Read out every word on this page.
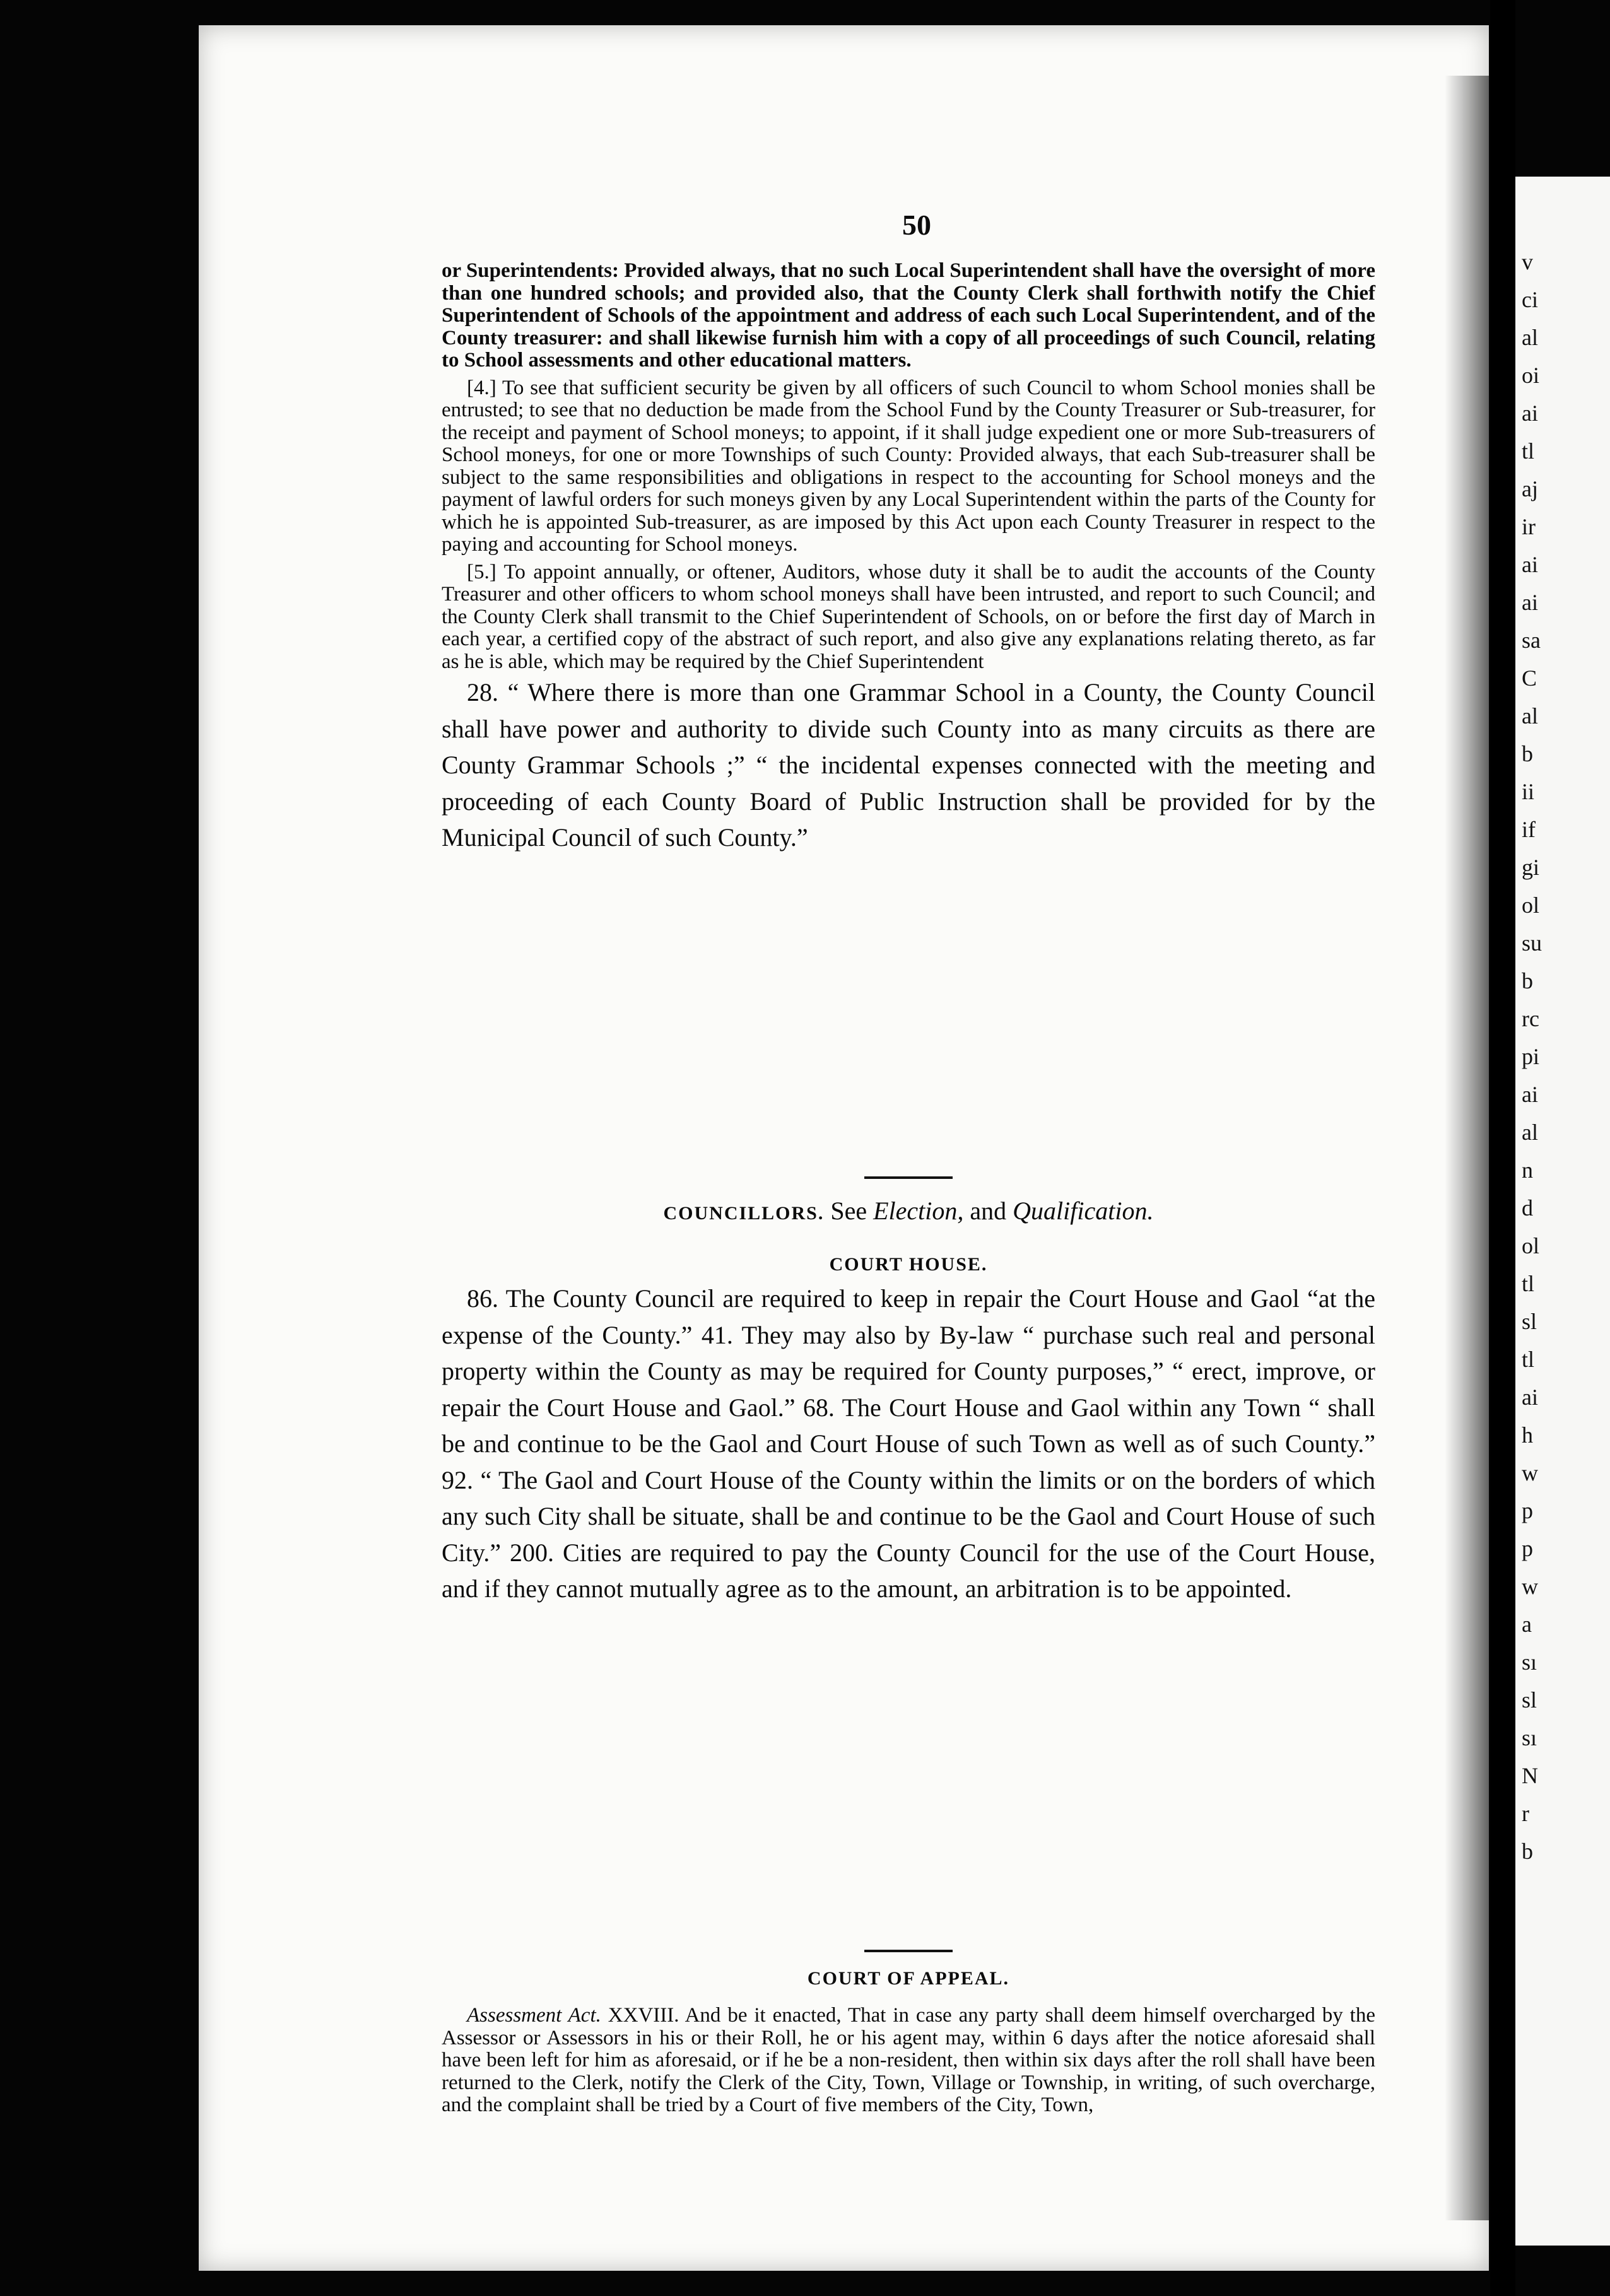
v
ci
al
oi
ai
tl
aj
ir
ai
ai
sa
C
al
b
ii
if
gi
ol
su
b
rc
pi
ai
al
n
d
ol
tl
sl
tl
ai
h
w
p
p
w
a
sı
sl
sı
N
r
b
50

or Superintendents: Provided always, that no such Local Superintendent shall have the oversight of more than one hundred schools; and provided also, that the County Clerk shall forthwith notify the Chief Superintendent of Schools of the appointment and address of each such Local Superintendent, and of the County treasurer: and shall likewise furnish him with a copy of all proceedings of such Council, relating to School assessments and other educational matters.

[4.] To see that sufficient security be given by all officers of such Council to whom School monies shall be entrusted; to see that no deduction be made from the School Fund by the County Treasurer or Sub-treasurer, for the receipt and payment of School moneys; to appoint, if it shall judge expedient one or more Sub-treasurers of School moneys, for one or more Townships of such County: Provided always, that each Sub-treasurer shall be subject to the same responsibilities and obligations in respect to the accounting for School moneys and the payment of lawful orders for such moneys given by any Local Superintendent within the parts of the County for which he is appointed Sub-treasurer, as are imposed by this Act upon each County Treasurer in respect to the paying and accounting for School moneys.

[5.] To appoint annually, or oftener, Auditors, whose duty it shall be to audit the accounts of the County Treasurer and other officers to whom school moneys shall have been intrusted, and report to such Council; and the County Clerk shall transmit to the Chief Superintendent of Schools, on or before the first day of March in each year, a certified copy of the abstract of such report, and also give any explanations relating thereto, as far as he is able, which may be required by the Chief Superintendent

28. “ Where there is more than one Grammar School in a County, the County Council shall have power and authority to divide such County into as many circuits as there are County Grammar Schools ;” “ the incidental expenses connected with the meeting and proceeding of each County Board of Public Instruction shall be provided for by the Municipal Council of such County.”

COUNCILLORS. See Election, and Qualification.

COURT HOUSE.

86. The County Council are required to keep in repair the Court House and Gaol “at the expense of the County.” 41. They may also by By-law “ purchase such real and personal property within the County as may be required for County purposes,” “ erect, improve, or repair the Court House and Gaol.” 68. The Court House and Gaol within any Town “ shall be and continue to be the Gaol and Court House of such Town as well as of such County.” 92. “ The Gaol and Court House of the County within the limits or on the borders of which any such City shall be situate, shall be and continue to be the Gaol and Court House of such City.” 200. Cities are required to pay the County Council for the use of the Court House, and if they cannot mutually agree as to the amount, an arbitration is to be appointed.

COURT OF APPEAL.

Assessment Act. XXVIII. And be it enacted, That in case any party shall deem himself overcharged by the Assessor or Assessors in his or their Roll, he or his agent may, within 6 days after the notice aforesaid shall have been left for him as aforesaid, or if he be a non-resident, then within six days after the roll shall have been returned to the Clerk, notify the Clerk of the City, Town, Village or Township, in writing, of such overcharge, and the complaint shall be tried by a Court of five members of the City, Town,
